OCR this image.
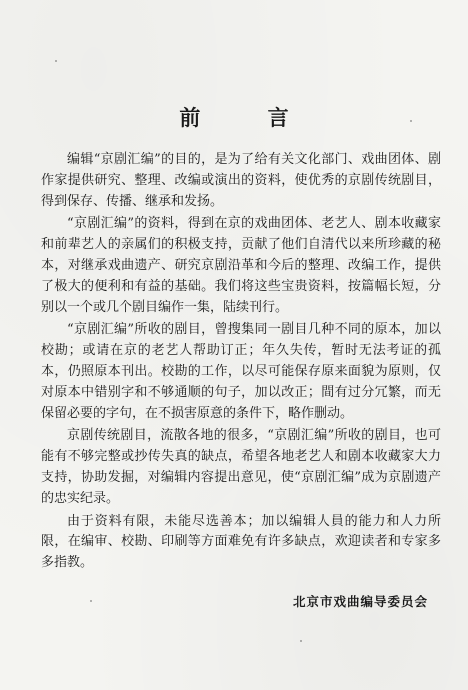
前 言

编辑“京剧汇编”的目的，是为了给有关文化部门、戏曲团体、剧作家提供研究、整理、改编或演出的资料，使优秀的京剧传统剧目，得到保存、传播、继承和发扬。

“京剧汇编”的资料，得到在京的戏曲团体、老艺人、剧本收藏家和前辈艺人的亲属们的积极支持，贡献了他们自清代以来所珍藏的秘本，对继承戏曲遗产、研究京剧沿革和今后的整理、改编工作，提供了极大的便利和有益的基础。我们将这些宝贵资料，按篇幅长短，分别以一个或几个剧目编作一集，陆续刊行。

“京剧汇编”所收的剧目，曾搜集同一剧目几种不同的原本，加以校勘；或请在京的老艺人帮助订正；年久失传，暂时无法考证的孤本，仍照原本刊出。校勘的工作，以尽可能保存原来面貌为原则，仅对原本中错别字和不够通顺的句子，加以改正；間有过分冗繁，而无保留必要的字句，在不损害原意的条件下，略作删动。

京剧传统剧目，流散各地的很多，“京剧汇编”所收的剧目，也可能有不够完整或抄传失真的缺点，希望各地老艺人和剧本收藏家大力支持，协助发掘，对编辑内容提出意见，使“京剧汇编”成为京剧遗产的忠实纪录。

由于资料有限，未能尽选善本；加以编辑人員的能力和人力所限，在编审、校勘、印刷等方面难免有许多缺点，欢迎读者和专家多多指教。

北京市戏曲编导委员会
